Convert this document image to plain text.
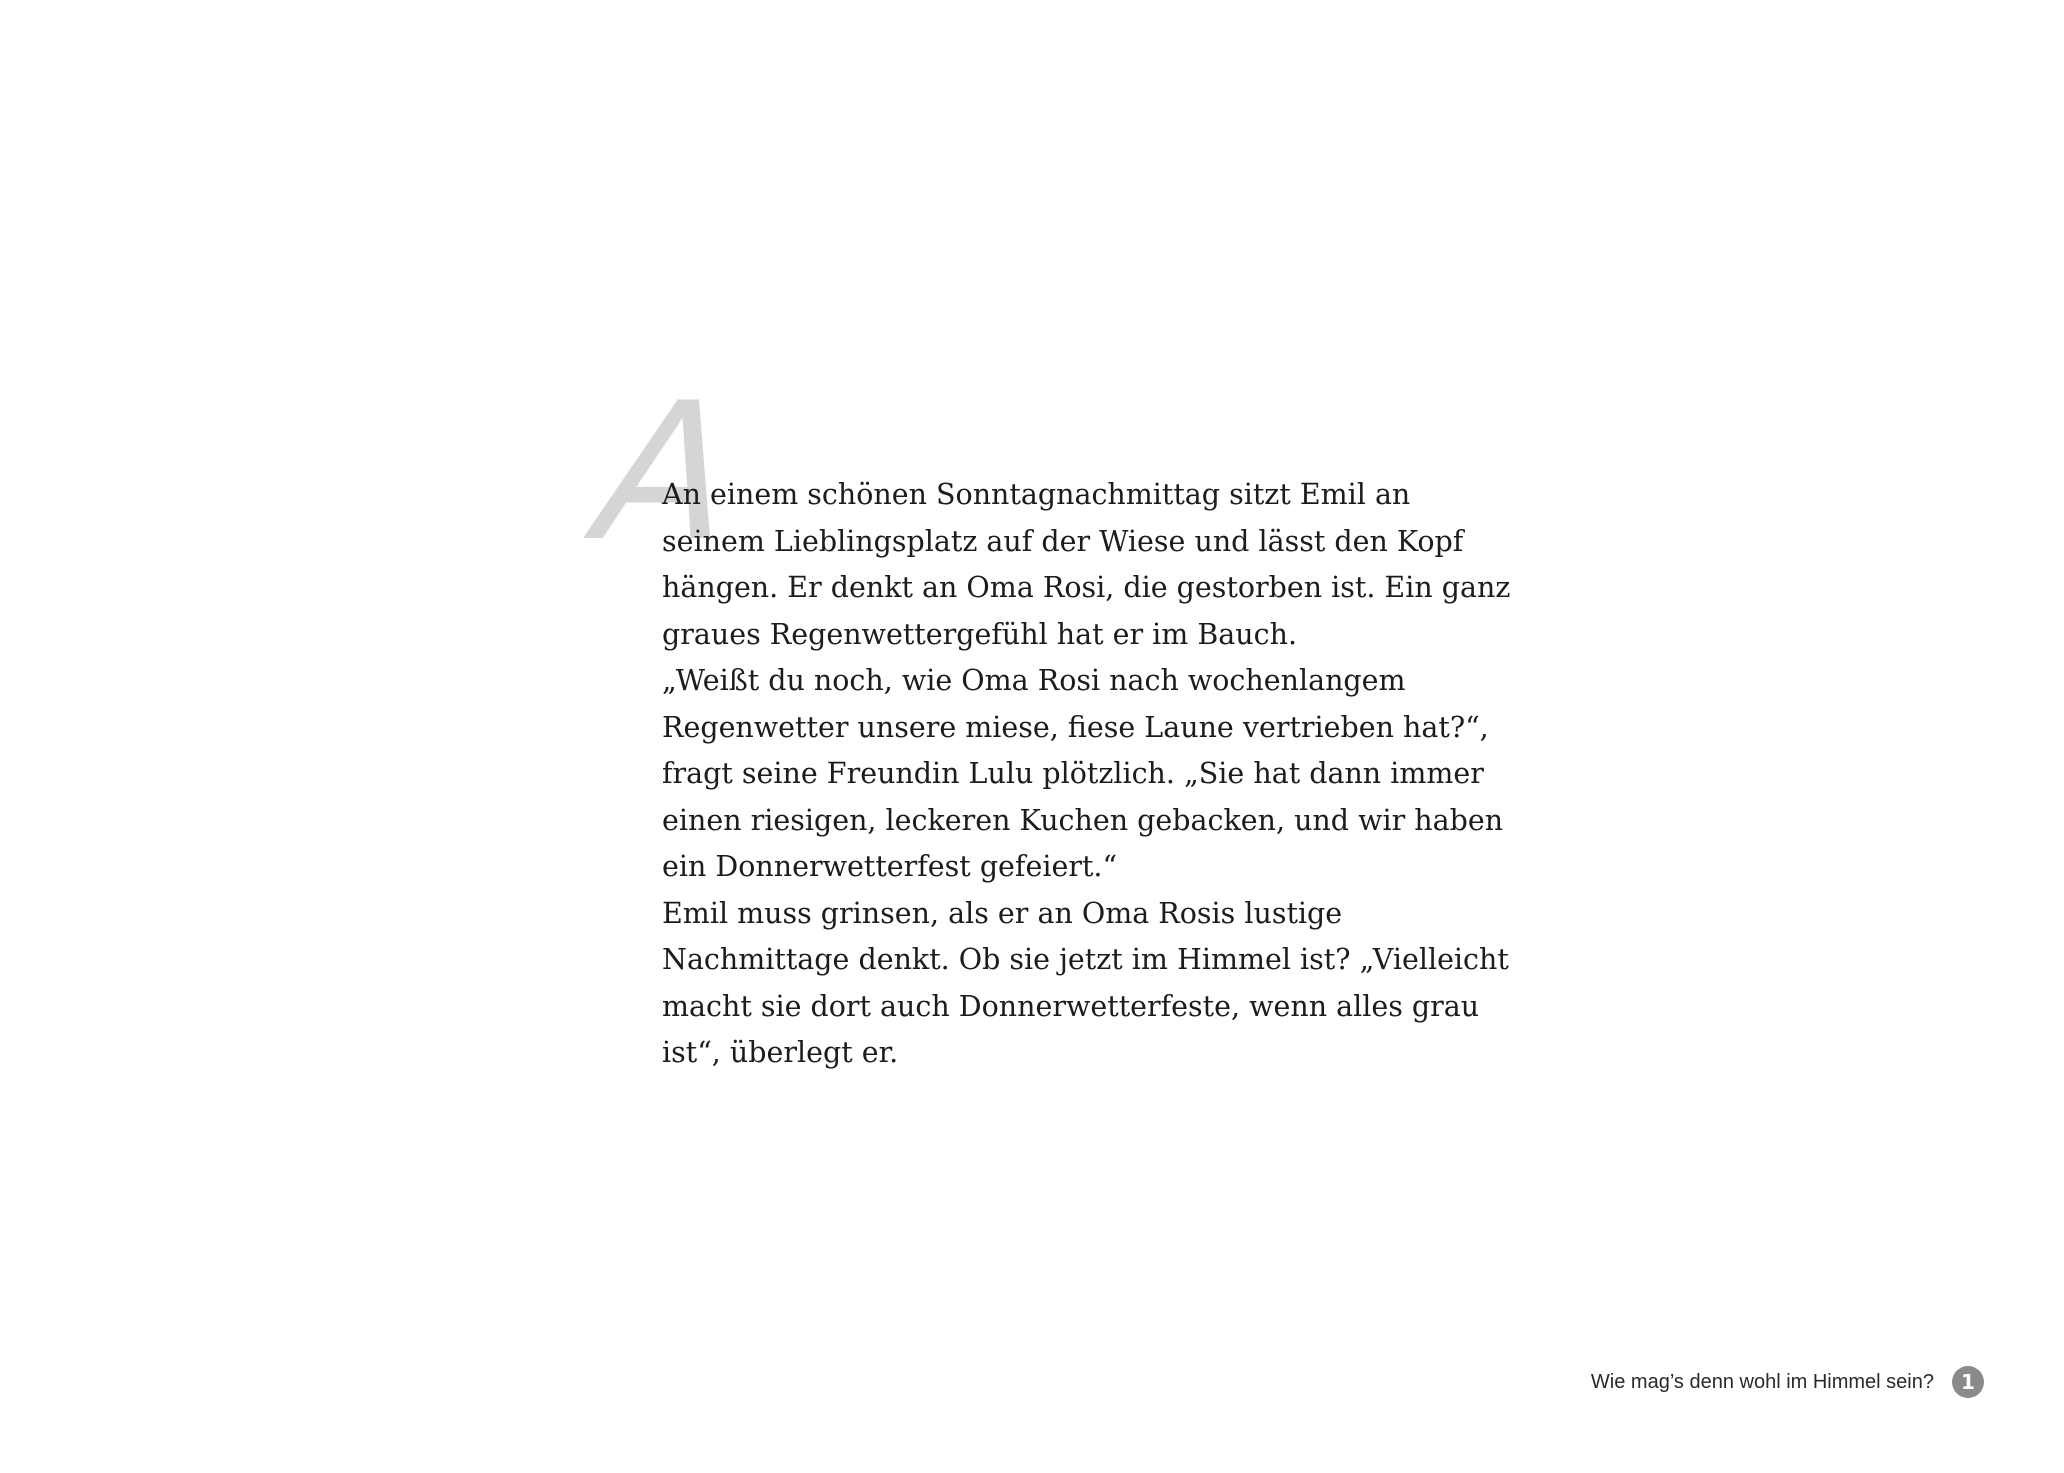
A

An einem schönen Sonntagnachmittag sitzt Emil an

seinem Lieblingsplatz auf der Wiese und lässt den Kopf

hängen. Er denkt an Oma Rosi, die gestorben ist. Ein ganz

graues Regenwettergefühl hat er im Bauch.

„Weißt du noch, wie Oma Rosi nach wochenlangem

Regenwetter unsere miese, fiese Laune vertrieben hat?“,

fragt seine Freundin Lulu plötzlich. „Sie hat dann immer

einen riesigen, leckeren Kuchen gebacken, und wir haben

ein Donnerwetterfest gefeiert.“

Emil muss grinsen, als er an Oma Rosis lustige

Nachmittage denkt. Ob sie jetzt im Himmel ist? „Vielleicht

macht sie dort auch Donnerwetterfeste, wenn alles grau

ist“, überlegt er.

Wie mag’s denn wohl im Himmel sein?	1
